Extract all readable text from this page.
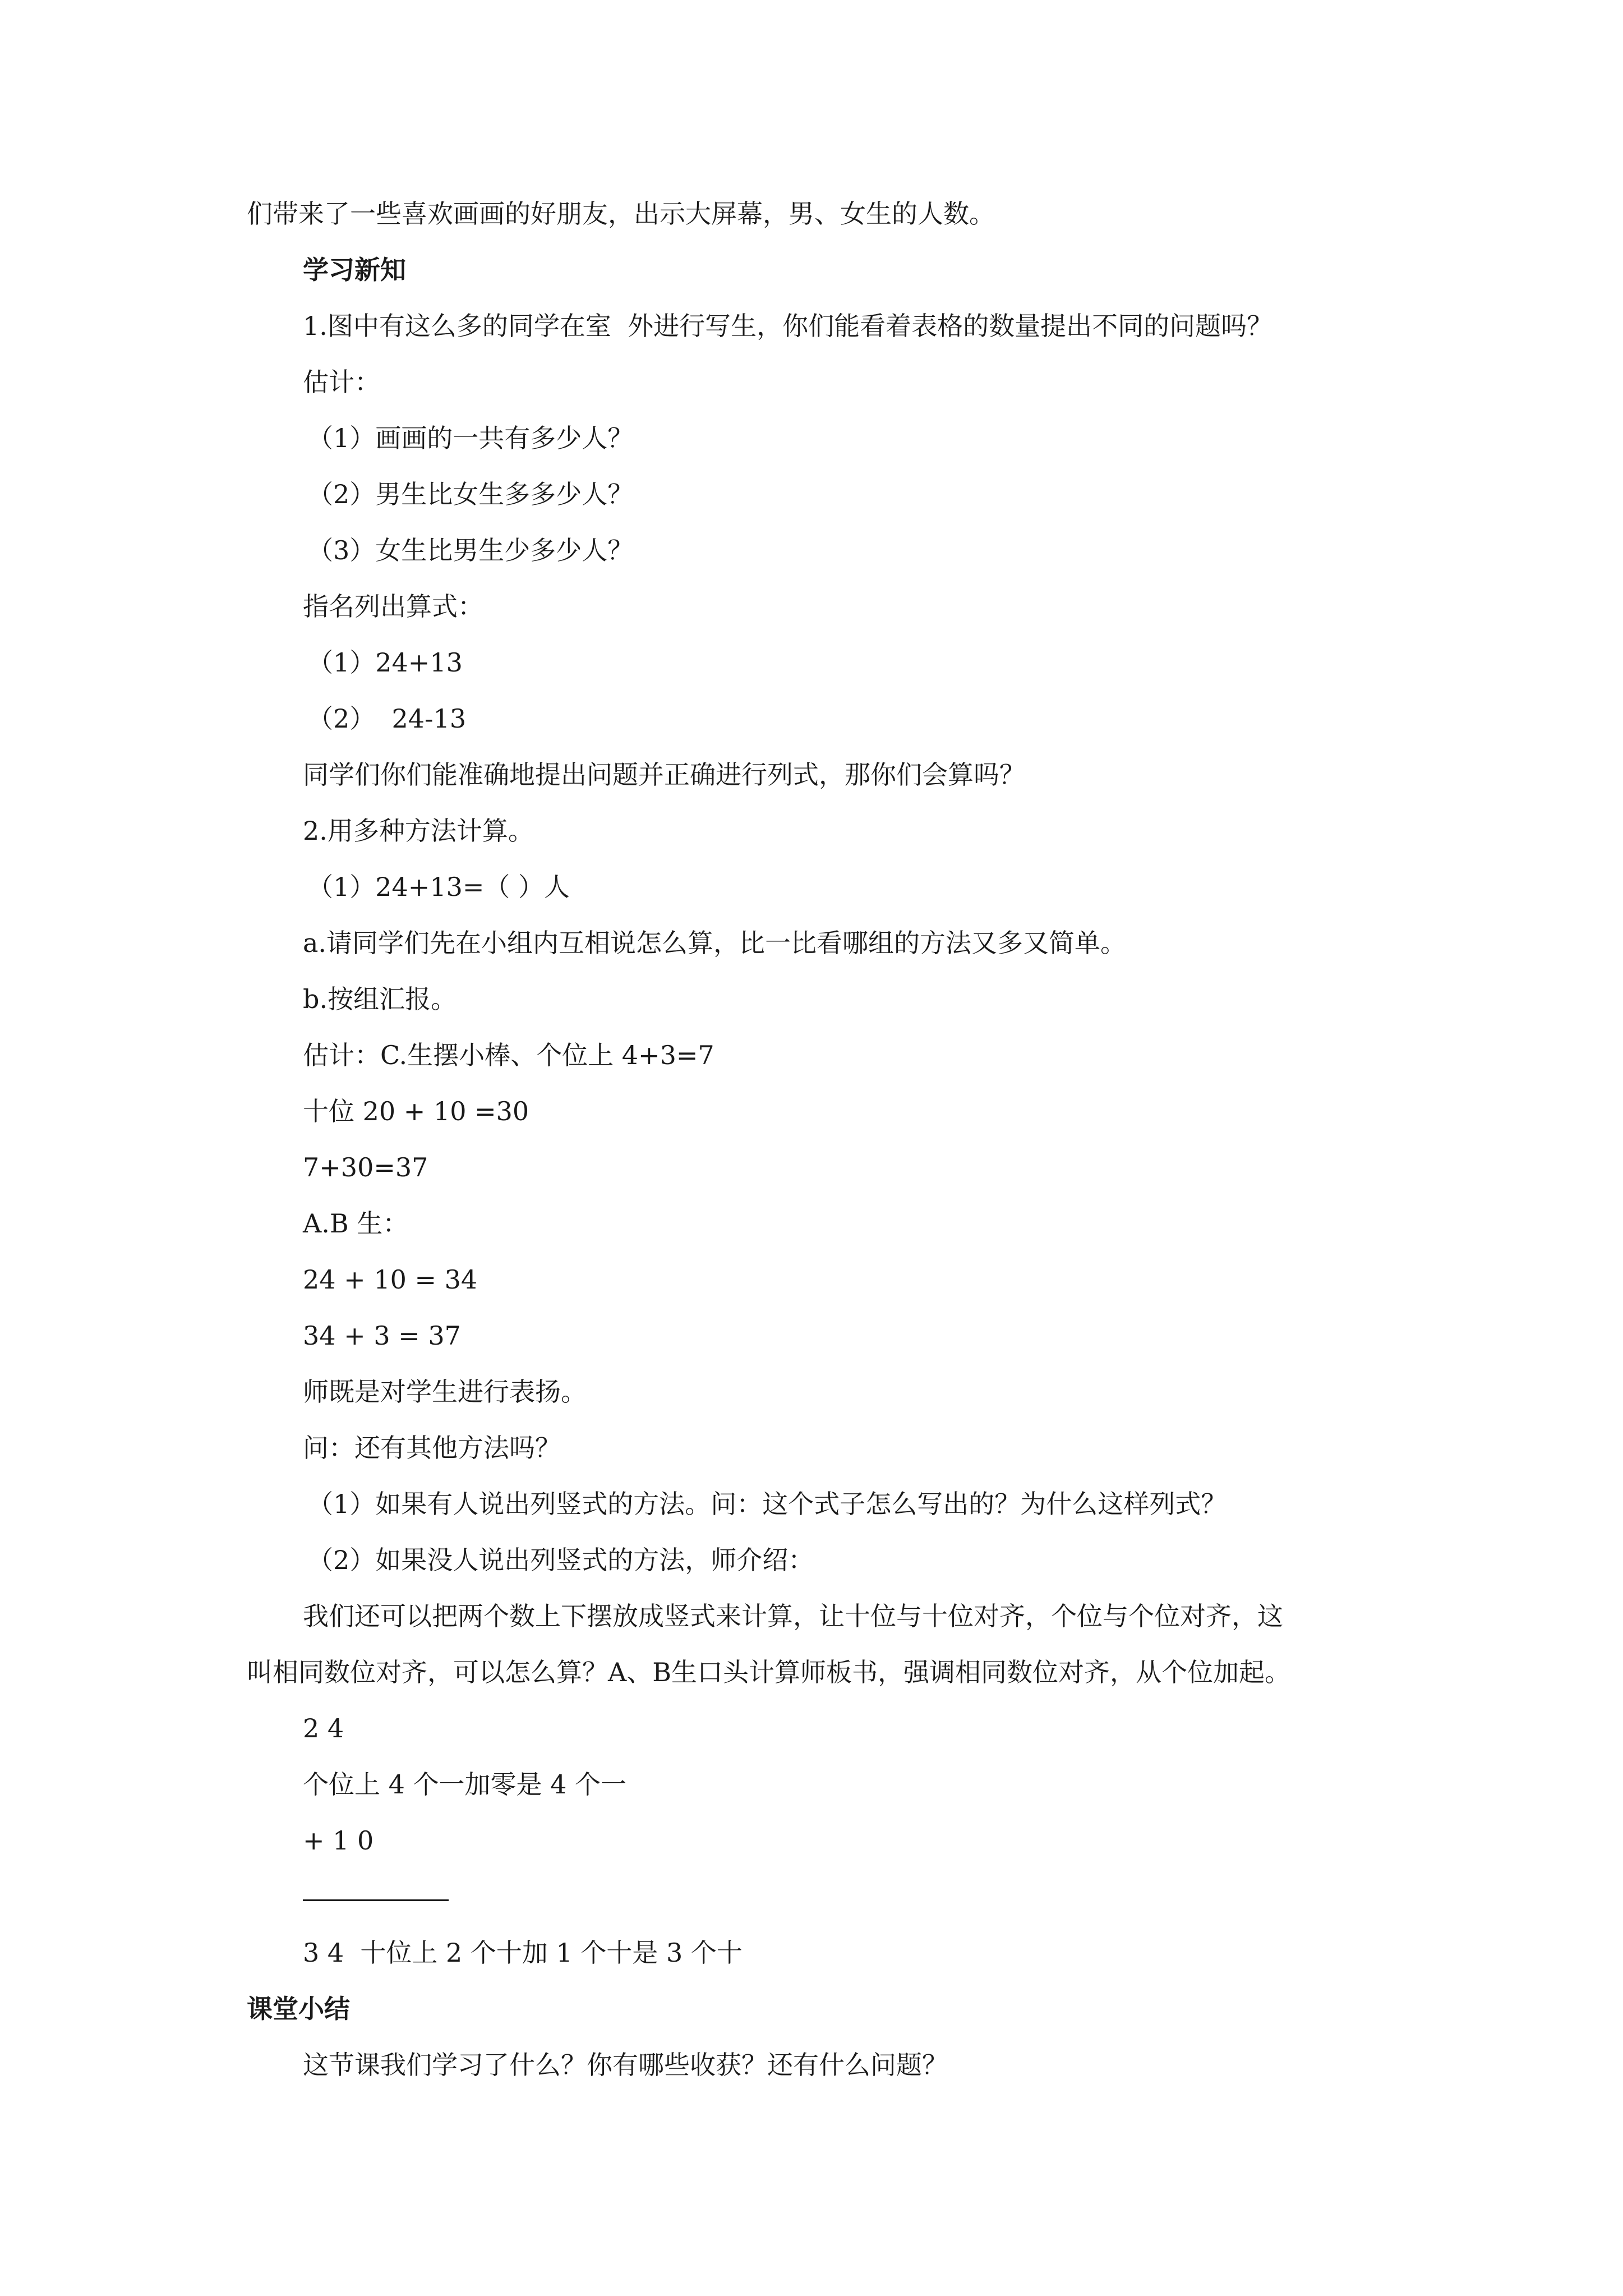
们带来了一些喜欢画画的好朋友，出示大屏幕，男、女生的人数。

学习新知

1.图中有这么多的同学在室  外进行写生，你们能看着表格的数量提出不同的问题吗？

估计：

（1）画画的一共有多少人？

（2）男生比女生多多少人？

（3）女生比男生少多少人？

指名列出算式：

（1）24+13

（2）  24-13

同学们你们能准确地提出问题并正确进行列式，那你们会算吗？

2.用多种方法计算。

（1）24+13=（ ）人

a.请同学们先在小组内互相说怎么算，比一比看哪组的方法又多又简单。

b.按组汇报。

估计：C.生摆小棒、个位上 4+3=7

十位 20 + 10 =30

7+30=37

A.B 生：

24 + 10 = 34

34 + 3 = 37

师既是对学生进行表扬。

问：还有其他方法吗？

（1）如果有人说出列竖式的方法。问：这个式子怎么写出的？为什么这样列式？

（2）如果没人说出列竖式的方法，师介绍：

我们还可以把两个数上下摆放成竖式来计算，让十位与十位对齐，个位与个位对齐，这

叫相同数位对齐，可以怎么算？A、B生口头计算师板书，强调相同数位对齐，从个位加起。

2 4

个位上 4 个一加零是 4 个一

+ 1 0

3 4  十位上 2 个十加 1 个十是 3 个十

课堂小结

这节课我们学习了什么？你有哪些收获？还有什么问题？
